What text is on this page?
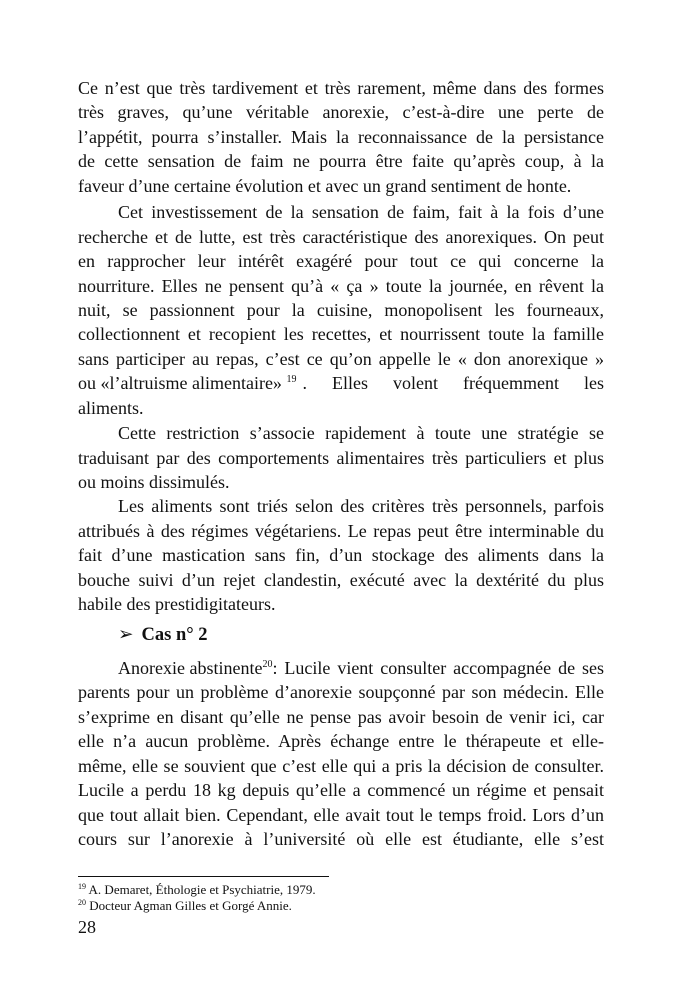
Ce n’est que très tardivement et très rarement, même dans des formes
très graves, qu’une véritable anorexie, c’est-à-dire une perte de
l’appétit, pourra s’installer. Mais la reconnaissance de la persistance
de cette sensation de faim ne pourra être faite qu’après coup, à la
faveur d’une certaine évolution et avec un grand sentiment de honte.
Cet investissement de la sensation de faim, fait à la fois d’une
recherche et de lutte, est très caractéristique des anorexiques. On peut
en rapprocher leur intérêt exagéré pour tout ce qui concerne la
nourriture. Elles ne pensent qu’à « ça » toute la journée, en rêvent la
nuit, se passionnent pour la cuisine, monopolisent les fourneaux,
collectionnent et recopient les recettes, et nourrissent toute la famille
sans participer au repas, c’est ce qu’on appelle le « don anorexique »
ou «l’altruisme alimentaire» $^{19}$ . Elles volent fréquemment les
aliments.
Cette restriction s’associe rapidement à toute une stratégie se
traduisant par des comportements alimentaires très particuliers et plus
ou moins dissimulés.
Les aliments sont triés selon des critères très personnels, parfois
attribués à des régimes végétariens. Le repas peut être interminable du
fait d’une mastication sans fin, d’un stockage des aliments dans la
bouche suivi d’un rejet clandestin, exécuté avec la dextérité du plus
habile des prestidigitateurs.
➢ Cas n° 2
Anorexie abstinente$^{20}$ : Lucile vient consulter accompagnée de ses
parents pour un problème d’anorexie soupçonné par son médecin. Elle
s’exprime en disant qu’elle ne pense pas avoir besoin de venir ici, car
elle n’a aucun problème. Après échange entre le thérapeute et elle-
même, elle se souvient que c’est elle qui a pris la décision de consulter.
Lucile a perdu 18 kg depuis qu’elle a commencé un régime et pensait
que tout allait bien. Cependant, elle avait tout le temps froid. Lors d’un
cours sur l’anorexie à l’université où elle est étudiante, elle s’est
$^{19}$ A. Demaret, Éthologie et Psychiatrie, 1979.
$^{20}$ Docteur Agman Gilles et Gorgé Annie.
28
